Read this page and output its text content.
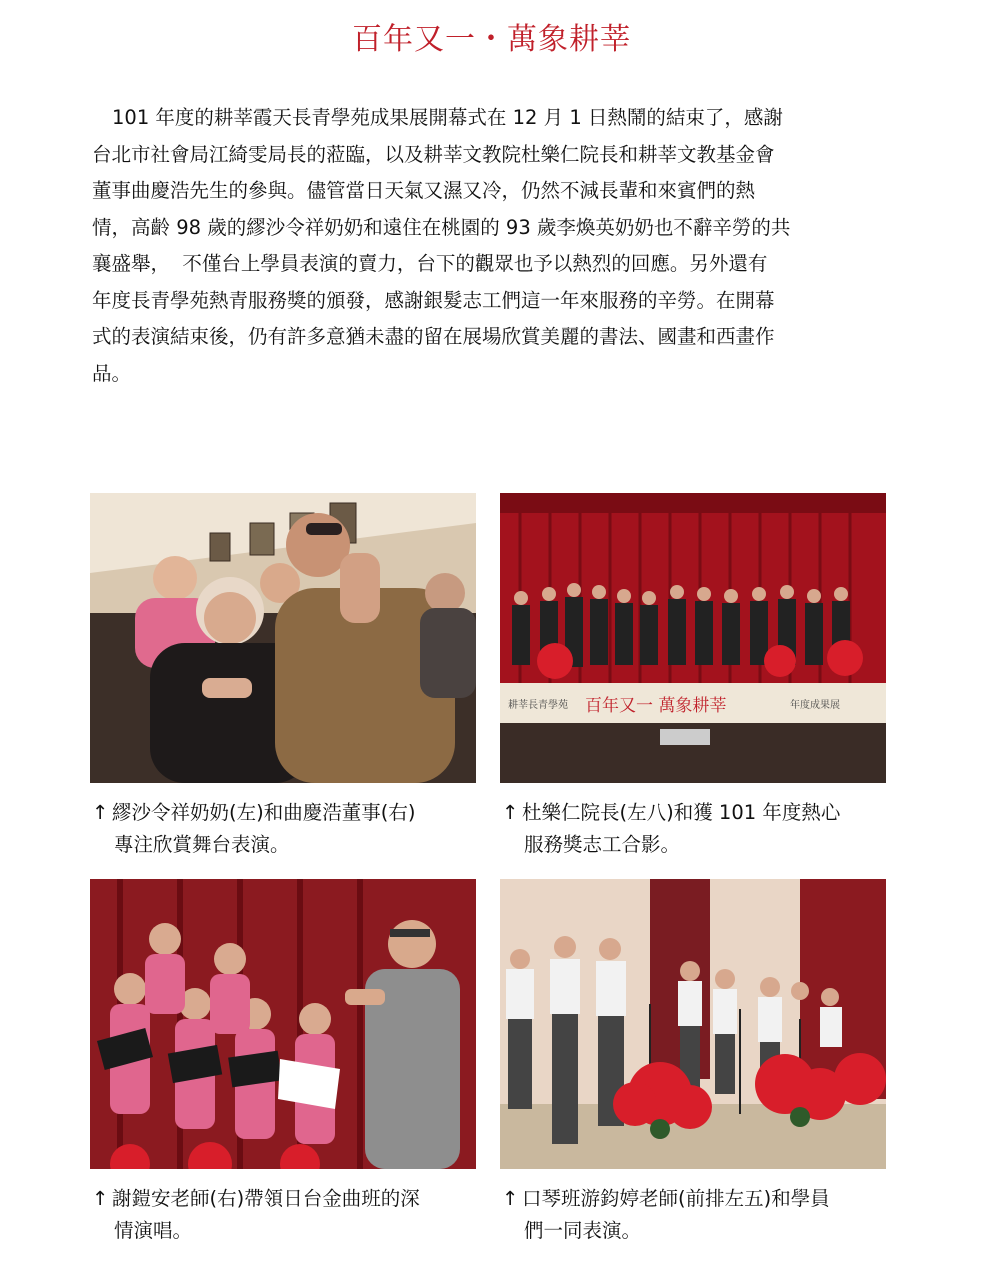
百年又一・萬象耕莘
101 年度的耕莘霞天長青學苑成果展開幕式在 12 月 1 日熱鬧的結束了，感謝
台北市社會局江綺雯局長的蒞臨，以及耕莘文教院杜樂仁院長和耕莘文教基金會
董事曲慶浩先生的參與。儘管當日天氣又濕又冷，仍然不減長輩和來賓們的熱
情，高齡 98 歲的繆沙令祥奶奶和遠住在桃園的 93 歲李煥英奶奶也不辭辛勞的共
襄盛舉，  不僅台上學員表演的賣力，台下的觀眾也予以熱烈的回應。另外還有
年度長青學苑熱青服務獎的頒發，感謝銀髮志工們這一年來服務的辛勞。在開幕
式的表演結束後，仍有許多意猶未盡的留在展場欣賞美麗的書法、國畫和西畫作
品。
↑ 繆沙令祥奶奶(左)和曲慶浩董事(右)
專注欣賞舞台表演。
耕莘長青學苑 百年又一 萬象耕莘	年度成果展
↑ 杜樂仁院長(左八)和獲 101 年度熱心
服務獎志工合影。
↑ 謝鎧安老師(右)帶領日台金曲班的深
情演唱。
↑ 口琴班游鈞婷老師(前排左五)和學員
們一同表演。
